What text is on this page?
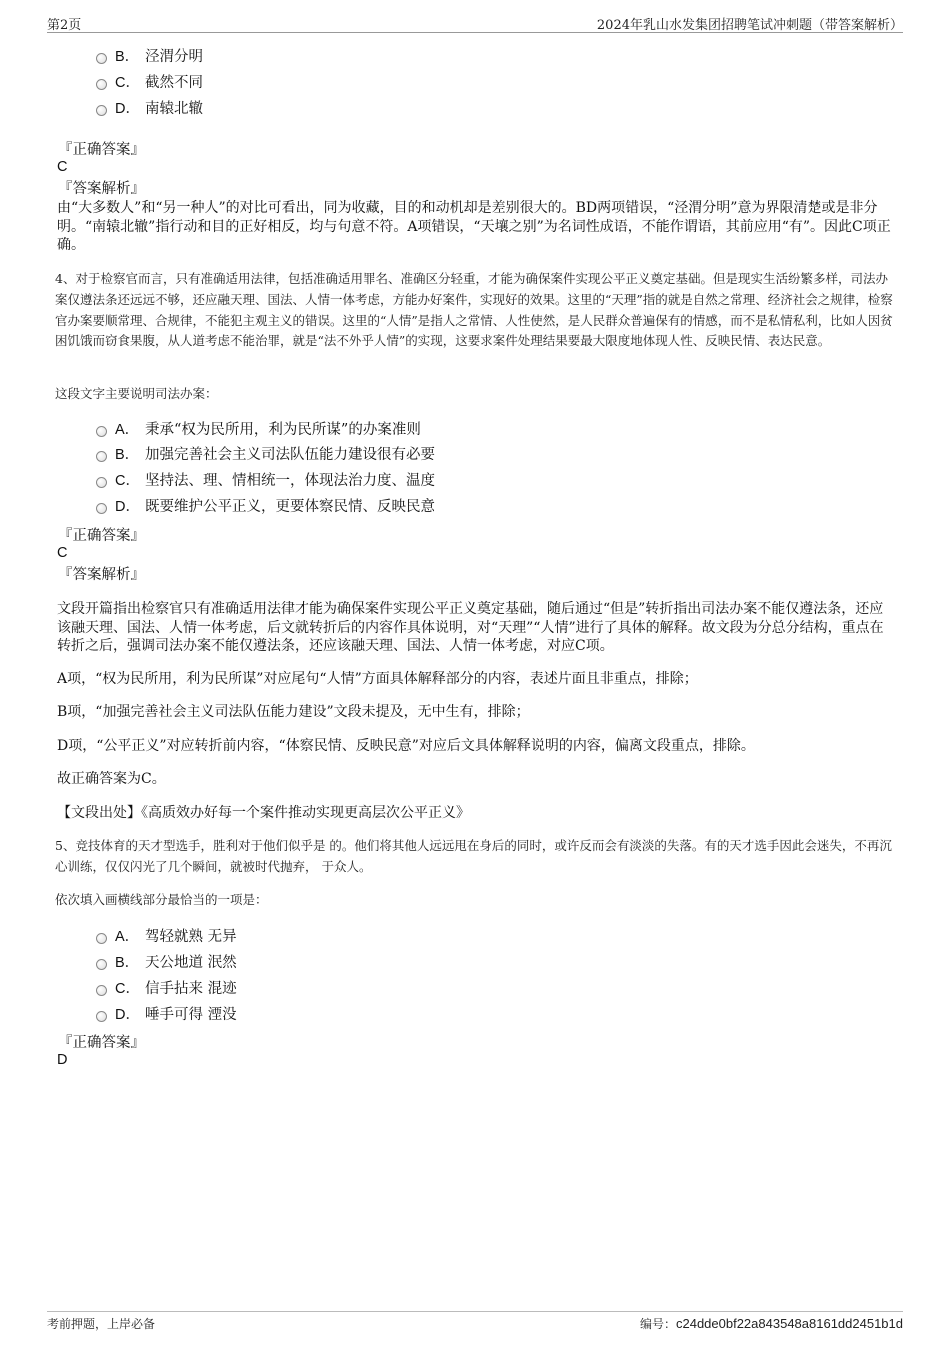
第2页	2024年乳山水发集团招聘笔试冲刺题（带答案解析）
B． 泾渭分明
C． 截然不同
D． 南辕北辙
『正确答案』
C
『答案解析』
由“大多数人”和“另一种人”的对比可看出，同为收藏，目的和动机却是差别很大的。BD两项错误，“泾渭分明”意为界限清楚或是非分明。“南辕北辙”指行动和目的正好相反，均与句意不符。A项错误，“天壤之别”为名词性成语，不能作谓语，其前应用“有”。因此C项正确。
4、对于检察官而言，只有准确适用法律，包括准确适用罪名、准确区分轻重，才能为确保案件实现公平正义奠定基础。但是现实生活纷繁多样，司法办案仅遵法条还远远不够，还应融天理、国法、人情一体考虑，方能办好案件，实现好的效果。这里的“天理”指的就是自然之常理、经济社会之规律，检察官办案要顺常理、合规律，不能犯主观主义的错误。这里的“人情”是指人之常情、人性使然，是人民群众普遍保有的情感，而不是私情私利，比如人因贫困饥饿而窃食果腹，从人道考虑不能治罪，就是“法不外乎人情”的实现，这要求案件处理结果要最大限度地体现人性、反映民情、表达民意。
这段文字主要说明司法办案：
A． 秉承“权为民所用，利为民所谋”的办案准则
B． 加强完善社会主义司法队伍能力建设很有必要
C． 坚持法、理、情相统一，体现法治力度、温度
D． 既要维护公平正义，更要体察民情、反映民意
『正确答案』
C
『答案解析』
文段开篇指出检察官只有准确适用法律才能为确保案件实现公平正义奠定基础，随后通过“但是”转折指出司法办案不能仅遵法条，还应该融天理、国法、人情一体考虑，后文就转折后的内容作具体说明，对“天理”“人情”进行了具体的解释。故文段为分总分结构，重点在转折之后，强调司法办案不能仅遵法条，还应该融天理、国法、人情一体考虑，对应C项。
A项，“权为民所用，利为民所谋”对应尾句“人情”方面具体解释部分的内容，表述片面且非重点，排除；
B项，“加强完善社会主义司法队伍能力建设”文段未提及，无中生有，排除；
D项，“公平正义”对应转折前内容，“体察民情、反映民意”对应后文具体解释说明的内容，偏离文段重点，排除。
故正确答案为C。
【文段出处】《高质效办好每一个案件推动实现更高层次公平正义》
5、竞技体育的天才型选手，胜利对于他们似乎是 的。他们将其他人远远甩在身后的同时，或许反而会有淡淡的失落。有的天才选手因此会迷失，不再沉心训练，仅仅闪光了几个瞬间，就被时代抛弃， 于众人。
依次填入画横线部分最恰当的一项是：
A． 驾轻就熟 无异
B． 天公地道 泯然
C． 信手拈来 混迹
D． 唾手可得 湮没
『正确答案』
D
考前押题，上岸必备	编号：c24dde0bf22a843548a8161dd2451b1d
